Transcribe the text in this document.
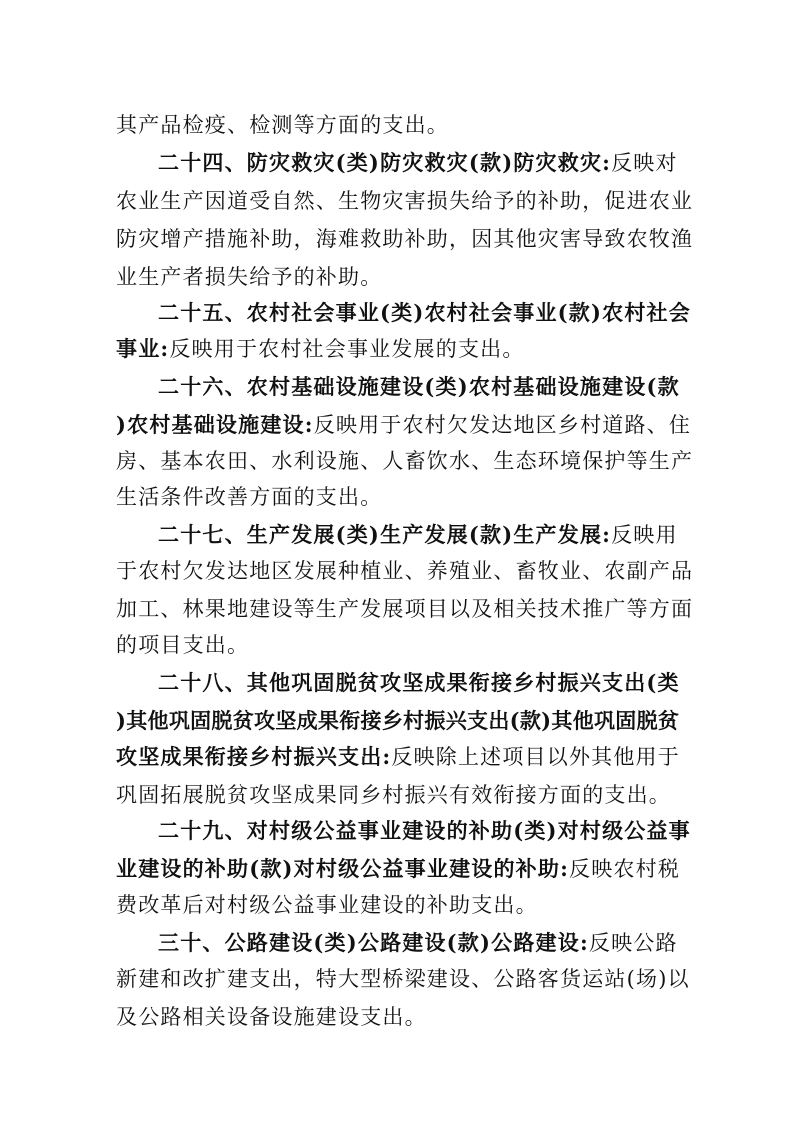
其产品检疫、检测等方面的支出。
二十四、防灾救灾(类)防灾救灾(款)防灾救灾:反映对
农业生产因道受自然、生物灾害损失给予的补助，促进农业
防灾增产措施补助，海难救助补助，因其他灾害导致农牧渔
业生产者损失给予的补助。
二十五、农村社会事业(类)农村社会事业(款)农村社会
事业:反映用于农村社会事业发展的支出。
二十六、农村基础设施建设(类)农村基础设施建设(款
)农村基础设施建设:反映用于农村欠发达地区乡村道路、住
房、基本农田、水利设施、人畜饮水、生态环境保护等生产
生活条件改善方面的支出。
二十七、生产发展(类)生产发展(款)生产发展:反映用
于农村欠发达地区发展种植业、养殖业、畜牧业、农副产品
加工、林果地建设等生产发展项目以及相关技术推广等方面
的项目支出。
二十八、其他巩固脱贫攻坚成果衔接乡村振兴支出(类
)其他巩固脱贫攻坚成果衔接乡村振兴支出(款)其他巩固脱贫
攻坚成果衔接乡村振兴支出:反映除上述项目以外其他用于
巩固拓展脱贫攻坚成果同乡村振兴有效衔接方面的支出。
二十九、对村级公益事业建设的补助(类)对村级公益事
业建设的补助(款)对村级公益事业建设的补助:反映农村税
费改革后对村级公益事业建设的补助支出。
三十、公路建设(类)公路建设(款)公路建设:反映公路
新建和改扩建支出，特大型桥梁建设、公路客货运站(场)以
及公路相关设备设施建设支出。
